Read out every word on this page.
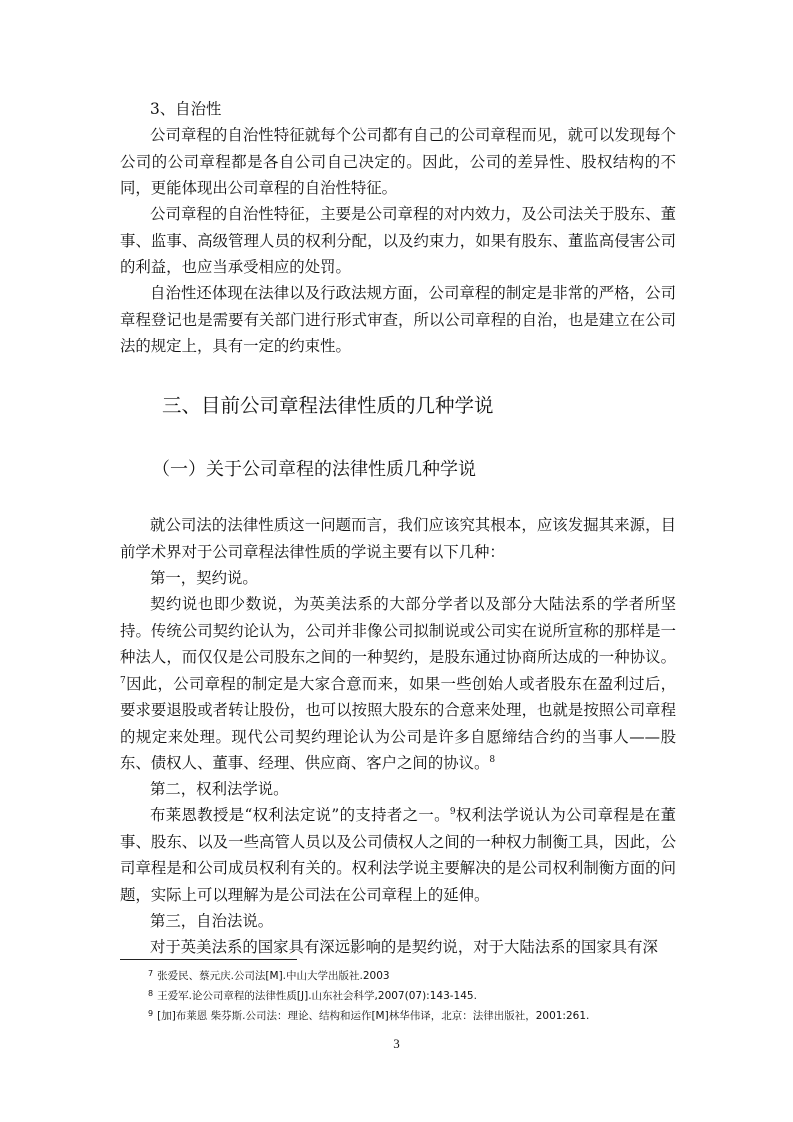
3、自治性

公司章程的自治性特征就每个公司都有自己的公司章程而见，就可以发现每个公司的公司章程都是各自公司自己决定的。因此，公司的差异性、股权结构的不同，更能体现出公司章程的自治性特征。

公司章程的自治性特征，主要是公司章程的对内效力，及公司法关于股东、董事、监事、高级管理人员的权利分配，以及约束力，如果有股东、董监高侵害公司的利益，也应当承受相应的处罚。

自治性还体现在法律以及行政法规方面，公司章程的制定是非常的严格，公司章程登记也是需要有关部门进行形式审查，所以公司章程的自治，也是建立在公司法的规定上，具有一定的约束性。

三、目前公司章程法律性质的几种学说
（一）关于公司章程的法律性质几种学说

就公司法的法律性质这一问题而言，我们应该究其根本，应该发掘其来源，目前学术界对于公司章程法律性质的学说主要有以下几种：

第一，契约说。

契约说也即少数说，为英美法系的大部分学者以及部分大陆法系的学者所坚持。传统公司契约论认为，公司并非像公司拟制说或公司实在说所宣称的那样是一种法人，而仅仅是公司股东之间的一种契约，是股东通过协商所达成的一种协议。$^7$因此，公司章程的制定是大家合意而来，如果一些创始人或者股东在盈利过后，要求要退股或者转让股份，也可以按照大股东的合意来处理，也就是按照公司章程的规定来处理。现代公司契约理论认为公司是许多自愿缔结合约的当事人——股东、债权人、董事、经理、供应商、客户之间的协议。$^8$

第二，权利法学说。

布莱恩教授是“权利法定说”的支持者之一。$^9$权利法学说认为公司章程是在董事、股东、以及一些高管人员以及公司债权人之间的一种权力制衡工具，因此，公司章程是和公司成员权利有关的。权利法学说主要解决的是公司权利制衡方面的问题，实际上可以理解为是公司法在公司章程上的延伸。

第三，自治法说。

对于英美法系的国家具有深远影响的是契约说，对于大陆法系的国家具有深

$^7$ 张爱民、蔡元庆.公司法[M].中山大学出版社.2003

$^8$ 王爱军.论公司章程的法律性质[J].山东社会科学,2007(07):143-145.

$^9$ [加]布莱恩 柴芬斯.公司法：理论、结构和运作[M]林华伟译，北京：法律出版社，2001:261.

3
